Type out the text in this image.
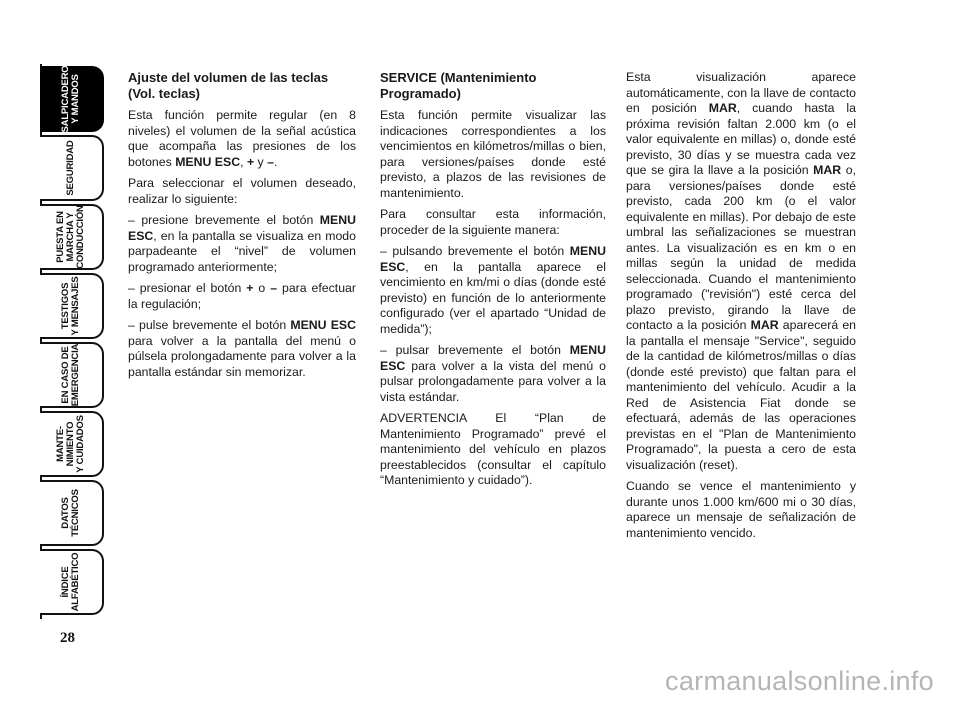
SALPICADERO
Y MANDOS
SEGURIDAD
PUESTA EN
MARCHA Y
CONDUCCIÓN
TESTIGOS
Y MENSAJES
EN CASO DE
EMERGENCIA
MANTE-
NIMIENTO
Y CUIDADOS
DATOS
TÉCNICOS
ÍNDICE
ALFABÉTICO
28
Ajuste del volumen de las teclas (Vol. teclas)

Esta función permite regular (en 8 niveles) el volumen de la señal acústica que acompaña las presiones de los botones MENU ESC, + y –.

Para seleccionar el volumen deseado, realizar lo siguiente:

– presione brevemente el botón MENU ESC, en la pantalla se visualiza en modo parpadeante el “nivel” de volumen programado anteriormente;

– presionar el botón + o – para efectuar la regulación;

– pulse brevemente el botón MENU ESC para volver a la pantalla del menú o púlsela prolongadamente para volver a la pantalla estándar sin memorizar.

SERVICE (Mantenimiento Programado)

Esta función permite visualizar las indicaciones correspondientes a los vencimientos en kilómetros/millas o bien, para versiones/países donde esté previsto, a plazos de las revisiones de mantenimiento.

Para consultar esta información, proceder de la siguiente manera:

– pulsando brevemente el botón MENU ESC, en la pantalla aparece el vencimiento en km/mi o días (donde esté previsto) en función de lo anteriormente configurado (ver el apartado “Unidad de medida”);

– pulsar brevemente el botón MENU ESC para volver a la vista del menú o pulsar prolongadamente para volver a la vista estándar.

ADVERTENCIA El “Plan de Mantenimiento Programado” prevé el mantenimiento del vehículo en plazos preestablecidos (consultar el capítulo “Mantenimiento y cuidado”).

Esta visualización aparece automáticamente, con la llave de contacto en posición MAR, cuando hasta la próxima revisión faltan 2.000 km (o el valor equivalente en millas) o, donde esté previsto, 30 días y se muestra cada vez que se gira la llave a la posición MAR o, para versiones/países donde esté previsto, cada 200 km (o el valor equivalente en millas). Por debajo de este umbral las señalizaciones se muestran antes. La visualización es en km o en millas según la unidad de medida seleccionada. Cuando el mantenimiento programado ("revisión") esté cerca del plazo previsto, girando la llave de contacto a la posición MAR aparecerá en la pantalla el mensaje "Service", seguido de la cantidad de kilómetros/millas o días (donde esté previsto) que faltan para el mantenimiento del vehículo. Acudir a la Red de Asistencia Fiat donde se efectuará, además de las operaciones previstas en el "Plan de Mantenimiento Programado", la puesta a cero de esta visualización (reset).

Cuando se vence el mantenimiento y durante unos 1.000 km/600 mi o 30 días, aparece un mensaje de señalización de mantenimiento vencido.

carmanualsonline.info
